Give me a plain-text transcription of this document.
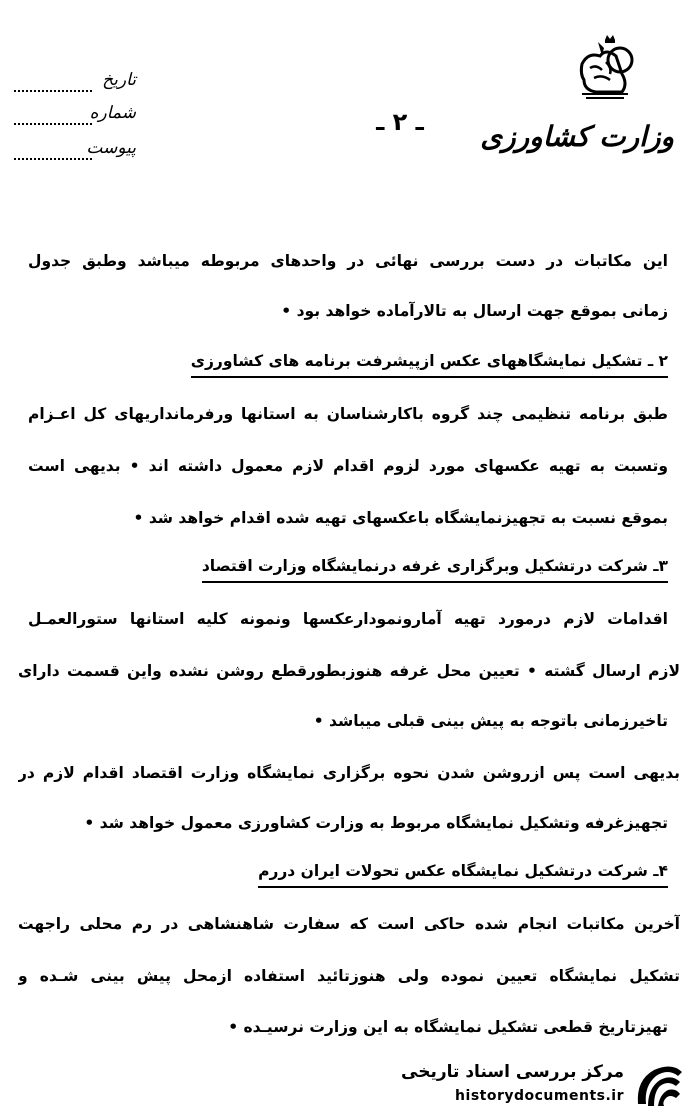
وزارت کشاورزی
ـ ۲ ـ
تاریخ
شماره
پیوست
این مکاتبات در دست بررسی نهائی در واحدهای مربوطه میباشد وطبق جدول
زمانی بموقع جهت ارسال به تالارآماده خواهد بود •
۲ ـ تشکیل نمایشگاههای عکس ازپیشرفت برنامه های کشاورزی
طبق برنامه تنظیمی چند گروه باکارشناسان به استانها ورفرمانداریهای کل اعـزام
وتسبت به تهیه عکسهای مورد لزوم اقدام لازم معمول داشته اند • بدیهی است
بموقع نسبت به تجهیزنمایشگاه باعکسهای تهیه شده اقدام خواهد شد •
۳ـ شرکت درتشکیل وبرگزاری غرفه درنمایشگاه وزارت اقتصاد
اقدامات لازم درمورد تهیه آمارونمودارعکسها ونمونه کلیه استانها ستورالعمـل
لازم ارسال گشته • تعیین محل غرفه هنوزبطورقطع روشن نشده واین قسمت دارای
تاخیرزمانی باتوجه به پیش بینی قبلی میباشد •
بدیهی است پس ازروشن شدن نحوه برگزاری نمایشگاه وزارت اقتصاد اقدام لازم در
تجهیزغرفه وتشکیل نمایشگاه مربوط به وزارت کشاورزی معمول خواهد شد •
۴ـ شرکت درتشکیل نمایشگاه عکس تحولات ایران دررم
آخرین مکاتبات انجام شده حاکی است که سفارت شاهنشاهی در رم محلی راجهت
تشکیل نمایشگاه تعیین نموده ولی هنوزتائید استفاده ازمحل پیش بینی شـده و
تهیزتاریخ قطعی تشکیل نمایشگاه به این وزارت نرسیـده •
مرکز بررسی اسناد تاریخی
historydocuments.ir
